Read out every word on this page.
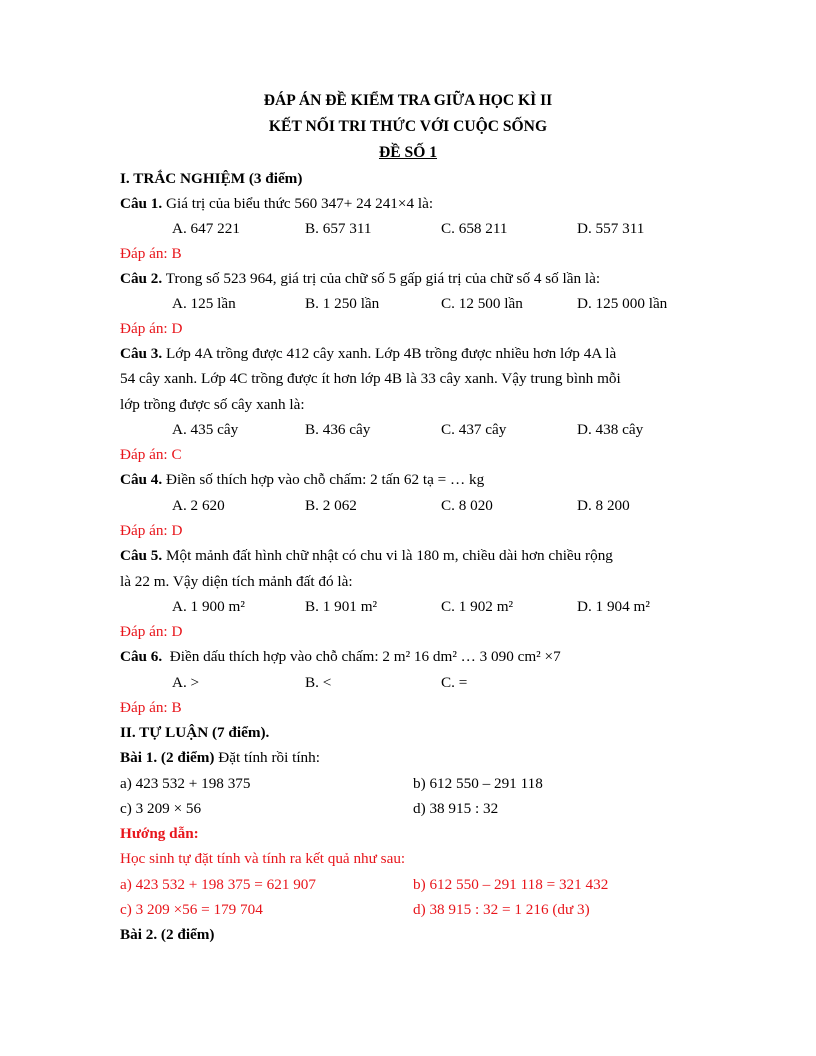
ĐÁP ÁN ĐỀ KIỂM TRA GIỮA HỌC KÌ II
KẾT NỐI TRI THỨC VỚI CUỘC SỐNG
ĐỀ SỐ 1
I. TRẮC NGHIỆM (3 điểm)
Câu 1. Giá trị của biểu thức 560 347+ 24 241×4 là:
A. 647 221	B. 657 311	C. 658 211	D. 557 311
Đáp án: B
Câu 2. Trong số 523 964, giá trị của chữ số 5 gấp giá trị của chữ số 4 số lần là:
A. 125 lần	B. 1 250 lần	C. 12 500 lần	D. 125 000 lần
Đáp án: D
Câu 3. Lớp 4A trồng được 412 cây xanh. Lớp 4B trồng được nhiều hơn lớp 4A là
54 cây xanh. Lớp 4C trồng được ít hơn lớp 4B là 33 cây xanh. Vậy trung bình mỗi
lớp trồng được số cây xanh là:
A. 435 cây	B. 436 cây	C. 437 cây	D. 438 cây
Đáp án: C
Câu 4. Điền số thích hợp vào chỗ chấm: 2 tấn 62 tạ = … kg
A. 2 620	B. 2 062	C. 8 020	D. 8 200
Đáp án: D
Câu 5. Một mảnh đất hình chữ nhật có chu vi là 180 m, chiều dài hơn chiều rộng
là 22 m. Vậy diện tích mảnh đất đó là:
A. 1 900 m²	B. 1 901 m²	C. 1 902 m²	D. 1 904 m²
Đáp án: D
Câu 6.  Điền dấu thích hợp vào chỗ chấm: 2 m² 16 dm² … 3 090 cm² ×7
A. >	B. <	C. =
Đáp án: B
II. TỰ LUẬN (7 điểm).
Bài 1. (2 điểm) Đặt tính rồi tính:
a) 423 532 + 198 375	b) 612 550 – 291 118
c) 3 209 × 56	d) 38 915 : 32
Hướng dẫn:
Học sinh tự đặt tính và tính ra kết quả như sau:
a) 423 532 + 198 375 = 621 907	b) 612 550 – 291 118 = 321 432
c) 3 209 ×56 = 179 704	d) 38 915 : 32 = 1 216 (dư 3)
Bài 2. (2 điểm)
